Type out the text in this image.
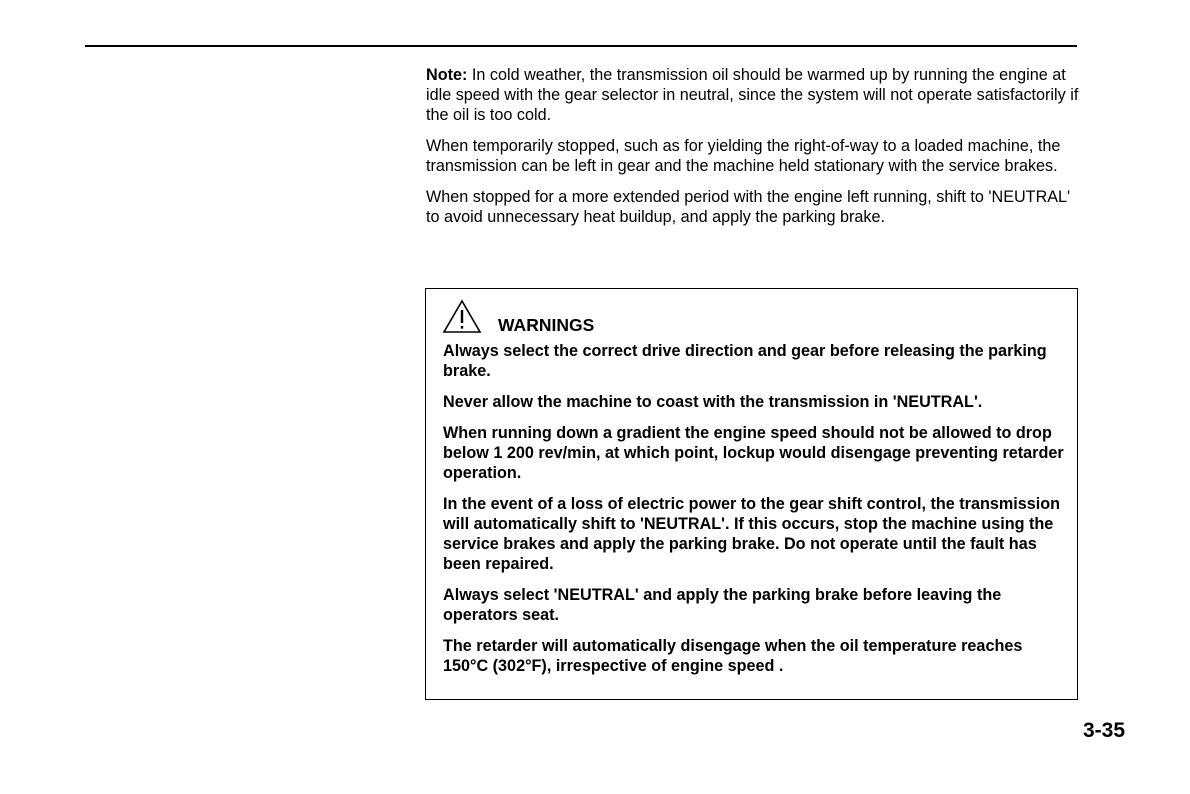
Note: In cold weather, the transmission oil should be warmed up by running the engine at idle speed with the gear selector in neutral, since the system will not operate satisfactorily if the oil is too cold.

When temporarily stopped, such as for yielding the right-of-way to a loaded machine, the transmission can be left in gear and the machine held stationary with the service brakes.

When stopped for a more extended period with the engine left running, shift to 'NEUTRAL' to avoid unnecessary heat buildup, and apply the parking brake.

WARNINGS

Always select the correct drive direction and gear before releasing the parking brake.

Never allow the machine to coast with the transmission in 'NEUTRAL'.

When running down a gradient the engine speed should not be allowed to drop below 1 200 rev/min, at which point, lockup would disengage preventing retarder operation.

In the event of a loss of electric power to the gear shift control, the transmission will automatically shift to 'NEUTRAL'. If this occurs, stop the machine using the service brakes and apply the parking brake. Do not operate until the fault has been repaired.

Always select 'NEUTRAL' and apply the parking brake before leaving the operators seat.

The retarder will automatically disengage when the oil temperature reaches 150°C (302°F), irrespective of engine speed .

3-35
